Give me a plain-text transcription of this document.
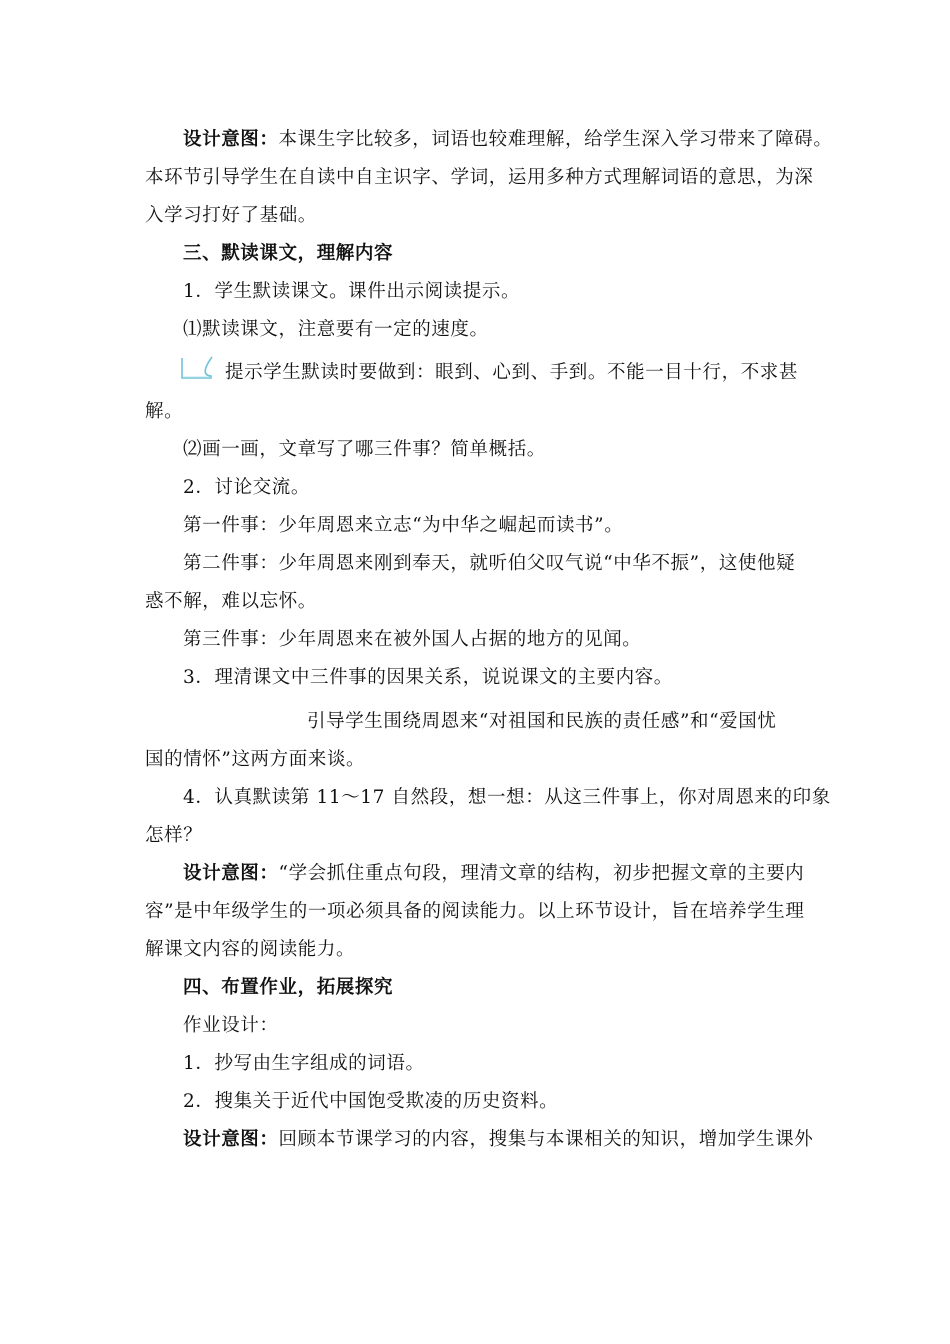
设计意图：本课生字比较多，词语也较难理解，给学生深入学习带来了障碍。
本环节引导学生在自读中自主识字、学词，运用多种方式理解词语的意思，为深
入学习打好了基础。
三、默读课文，理解内容
1．学生默读课文。课件出示阅读提示。
⑴默读课文，注意要有一定的速度。
提示学生默读时要做到：眼到、心到、手到。不能一目十行，不求甚
解。
⑵画一画，文章写了哪三件事？简单概括。
2．讨论交流。
第一件事：少年周恩来立志“为中华之崛起而读书”。
第二件事：少年周恩来刚到奉天，就听伯父叹气说“中华不振”，这使他疑
惑不解，难以忘怀。
第三件事：少年周恩来在被外国人占据的地方的见闻。
3．理清课文中三件事的因果关系，说说课文的主要内容。
引导学生围绕周恩来“对祖国和民族的责任感”和“爱国忧
国的情怀”这两方面来谈。
4．认真默读第 11～17 自然段，想一想：从这三件事上，你对周恩来的印象
怎样？
设计意图：“学会抓住重点句段，理清文章的结构，初步把握文章的主要内
容”是中年级学生的一项必须具备的阅读能力。以上环节设计，旨在培养学生理
解课文内容的阅读能力。
四、布置作业，拓展探究
作业设计：
1．抄写由生字组成的词语。
2．搜集关于近代中国饱受欺凌的历史资料。
设计意图：回顾本节课学习的内容，搜集与本课相关的知识，增加学生课外
